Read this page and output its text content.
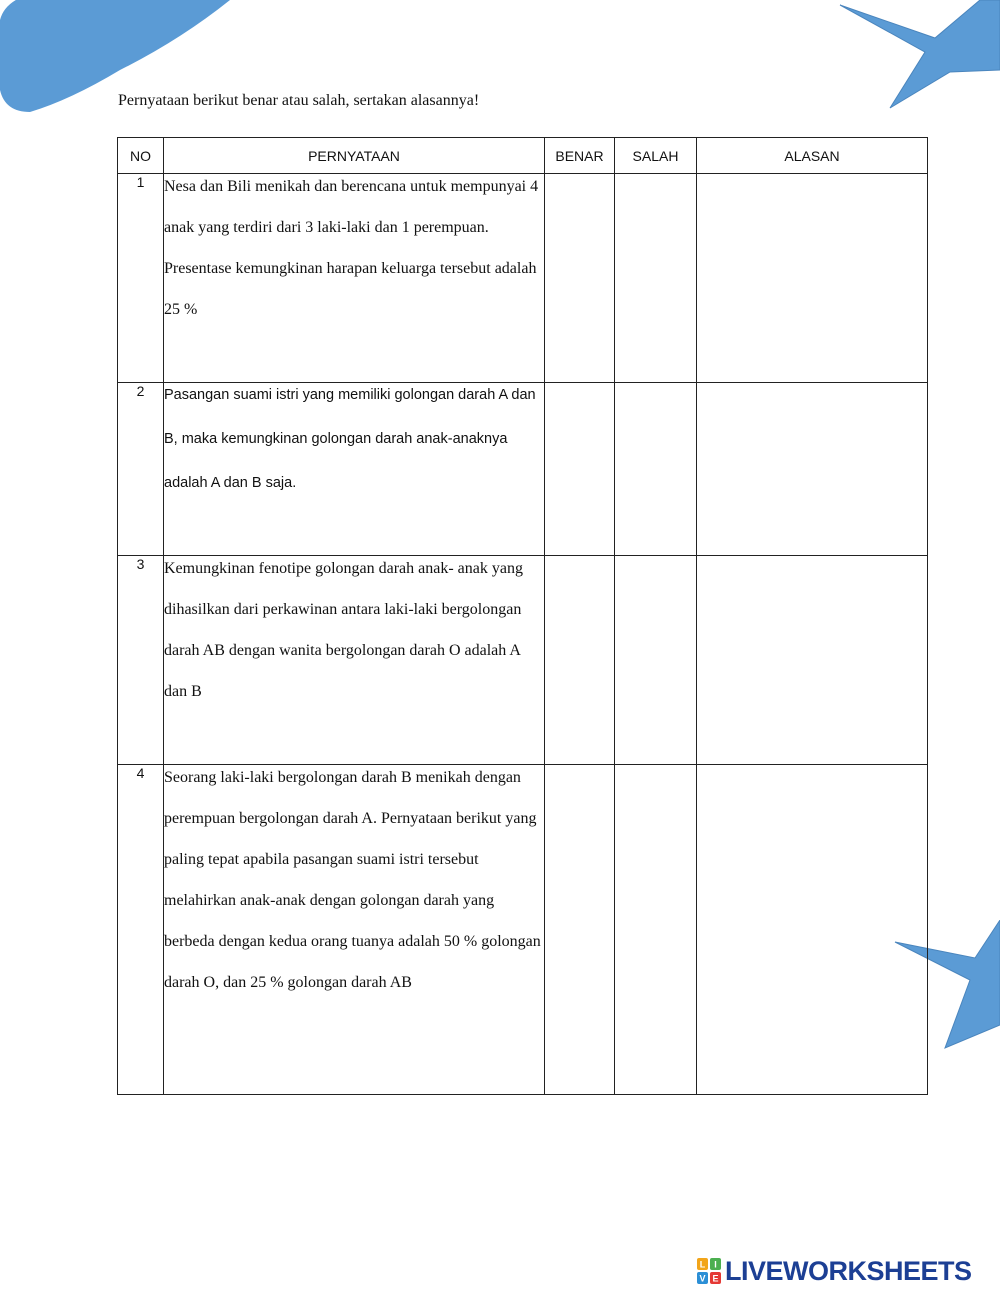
Pernyataan berikut benar atau salah, sertakan alasannya!
NO	PERNYATAAN	BENAR	SALAH	ALASAN
1	Nesa dan Bili menikah dan berencana untuk mempunyai 4 anak yang terdiri dari 3 laki-laki dan 1 perempuan. Presentase kemungkinan harapan keluarga tersebut adalah 25 %			

2	Pasangan suami istri yang memiliki golongan darah A dan B, maka kemungkinan golongan darah anak-anaknya adalah A dan B saja.			

3	Kemungkinan fenotipe golongan darah anak- anak yang dihasilkan dari perkawinan antara laki-laki bergolongan darah AB dengan wanita bergolongan darah O adalah A dan B			

4	Seorang laki-laki bergolongan darah B menikah dengan perempuan bergolongan darah A. Pernyataan berikut yang paling tepat apabila pasangan suami istri tersebut melahirkan anak-anak dengan golongan darah yang berbeda dengan kedua orang tuanya adalah 50 % golongan darah O, dan 25 % golongan darah AB			

L I
V E LIVEWORKSHEETS
